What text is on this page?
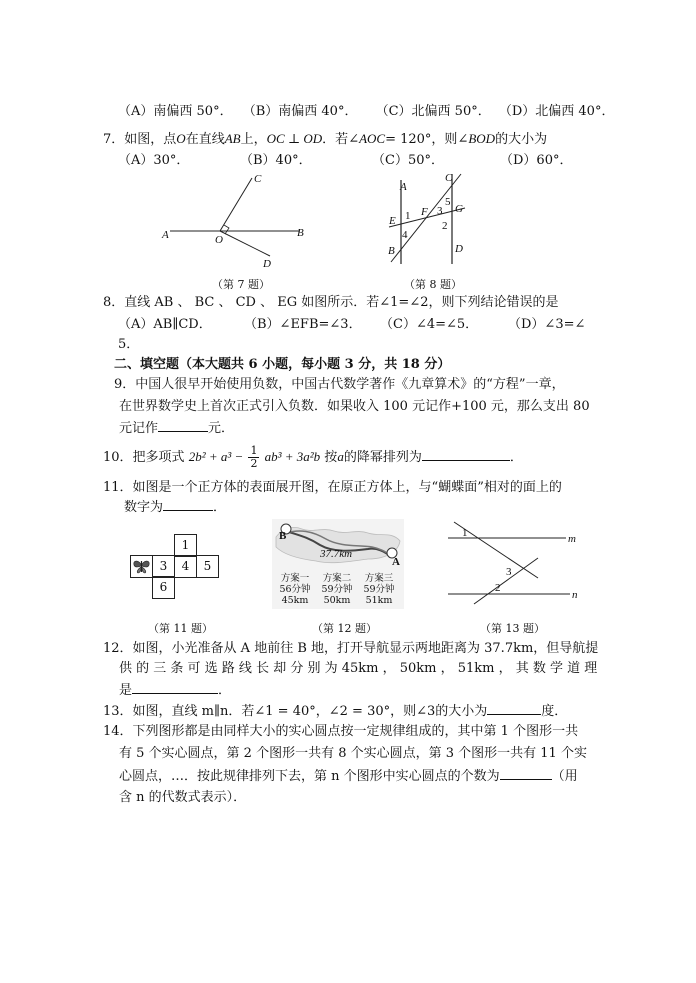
（A）南偏西 50°． （B）南偏西 40°． （C）北偏西 50°． （D）北偏西 40°．
7．如图，点O在直线AB上，OC ⊥ OD．若∠AOC= 120°，则∠BOD的大小为
（A）30°．	（B）40°．	（C）50°．	（D）60°．
C
A	O
B
D
（第 7 题）
A
E
F
C
G
B	D
1
2
3
4
5
（第 8 题）
8．直线 AB 、 BC 、 CD 、 EG 如图所示．若∠1=∠2，则下列结论错误的是
（A）AB∥CD． （B）∠EFB=∠3． （C）∠4=∠5． （D）∠3=∠
5．
二、填空题（本大题共 6 小题，每小题 3 分，共 18 分）
9．中国人很早开始使用负数，中国古代数学著作《九章算术》的“方程”一章，
在世界数学史上首次正式引入负数．如果收入 100 元记作+100 元，那么支出 80
元记作	元．
10．把多项式 $2b^2 + a^3 - \frac{1}{2} ab^3 + 3a^2b$ 按a的降幂排列为	．
11．如图是一个正方体的表面展开图，在原正方体上，与“蝴蝶面”相对的面上的
数字为	．
1
3	4	5
6
（第 11 题）
B
A
37.7km
方案一
56分钟
45km
方案二
59分钟
50km
方案三
59分钟
51km
（第 12 题）
m
n
1
2
3
（第 13 题）
12．如图，小光准备从 A 地前往 B 地，打开导航显示两地距离为 37.7km，但导航提
供 的 三 条 可 选 路 线 长 却 分 别 为 45km ， 50km ， 51km ， 其 数 学 道 理
是	．
13．如图，直线 m∥n．若∠1 = 40°，∠2 = 30°，则∠3的大小为	度．
14．下列图形都是由同样大小的实心圆点按一定规律组成的，其中第 1 个图形一共
有 5 个实心圆点，第 2 个图形一共有 8 个实心圆点，第 3 个图形一共有 11 个实
心圆点，…．按此规律排列下去，第 n 个图形中实心圆点的个数为	（用
含 n 的代数式表示）．
